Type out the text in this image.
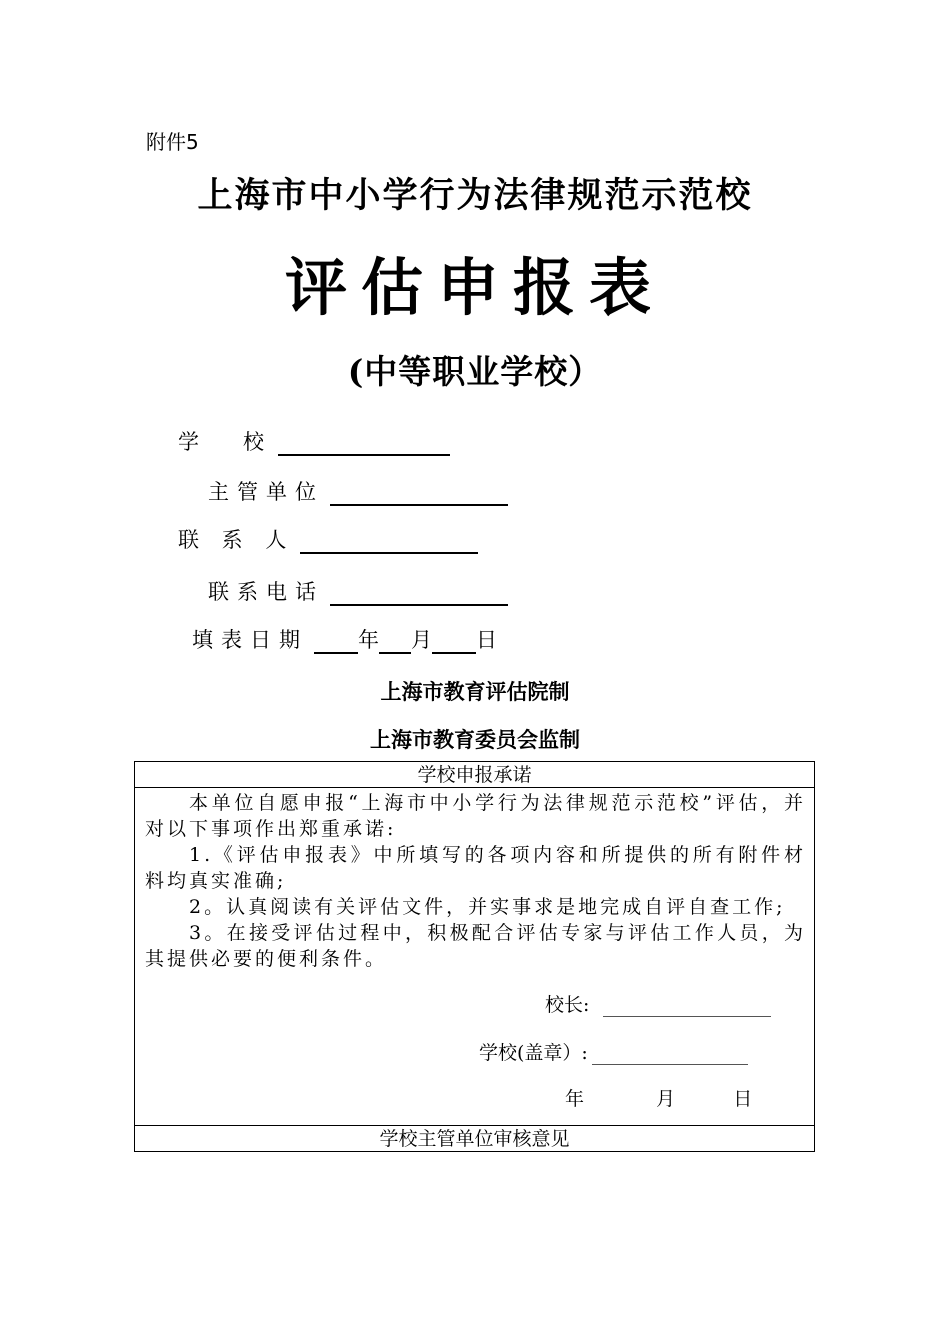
附件5
上海市中小学行为法律规范示范校
评估申报表
(中等职业学校）
学 校
主管单位
联 系 人
联系电话
填表日期 年 月 日
上海市教育评估院制
上海市教育委员会监制
学校申报承诺

本单位自愿申报“上海市中小学行为法律规范示范校”评估，并对以下事项作出郑重承诺:

1.《评估申报表》中所填写的各项内容和所提供的所有附件材料均真实准确;

2。认真阅读有关评估文件，并实事求是地完成自评自查工作;

3。在接受评估过程中，积极配合评估专家与评估工作人员，为其提供必要的便利条件。

校长:
学校(盖章）:
年	月	日
学校主管单位审核意见
